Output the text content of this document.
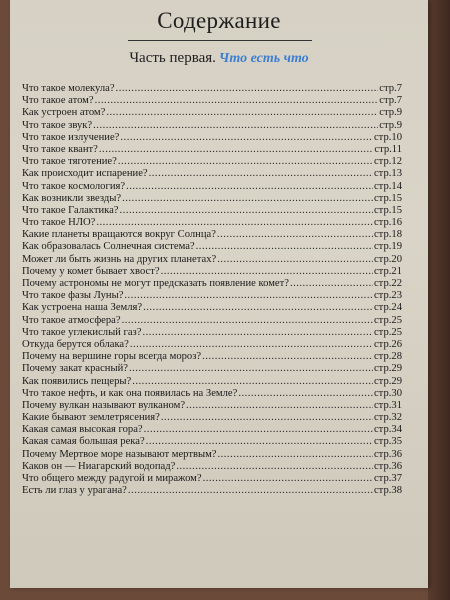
Содержание
Часть первая. Что есть что
Что такое молекула? .....	стр.7
Что такое атом? .....	стр.7
Как устроен атом? .....	стр.9
Что такое звук? .....	стр.9
Что такое излучение? .....	стр.10
Что такое квант? .....	стр.11
Что такое тяготение? .....	стр.12
Как происходит испарение? .....	стр.13
Что такое космология? .....	стр.14
Как возникли звезды? .....	стр.15
Что такое Галактика? .....	стр.15
Что такое НЛО? .....	стр.16
Какие планеты вращаются вокруг Солнца? .....	стр.18
Как образовалась Солнечная система? .....	стр.19
Может ли быть жизнь на других планетах? .....	стр.20
Почему у комет бывает хвост? .....	стр.21
Почему астрономы не могут предсказать появление комет? .....	стр.22
Что такое фазы Луны? .....	стр.23
Как устроена наша Земля? .....	стр.24
Что такое атмосфера? .....	стр.25
Что такое углекислый газ? .....	стр.25
Откуда берутся облака? .....	стр.26
Почему на вершине горы всегда мороз? .....	стр.28
Почему закат красный? .....	стр.29
Как появились пещеры? .....	стр.29
Что такое нефть, и как она появилась на Земле? .....	стр.30
Почему вулкан называют вулканом? .....	стр.31
Какие бывают землетрясения? .....	стр.32
Какая самая высокая гора? .....	стр.34
Какая самая большая река? .....	стр.35
Почему Мертвое море называют мертвым? .....	стр.36
Каков он — Ниагарский водопад? .....	стр.36
Что общего между радугой и миражом? .....	стр.37
Есть ли глаз у урагана? .....	стр.38
